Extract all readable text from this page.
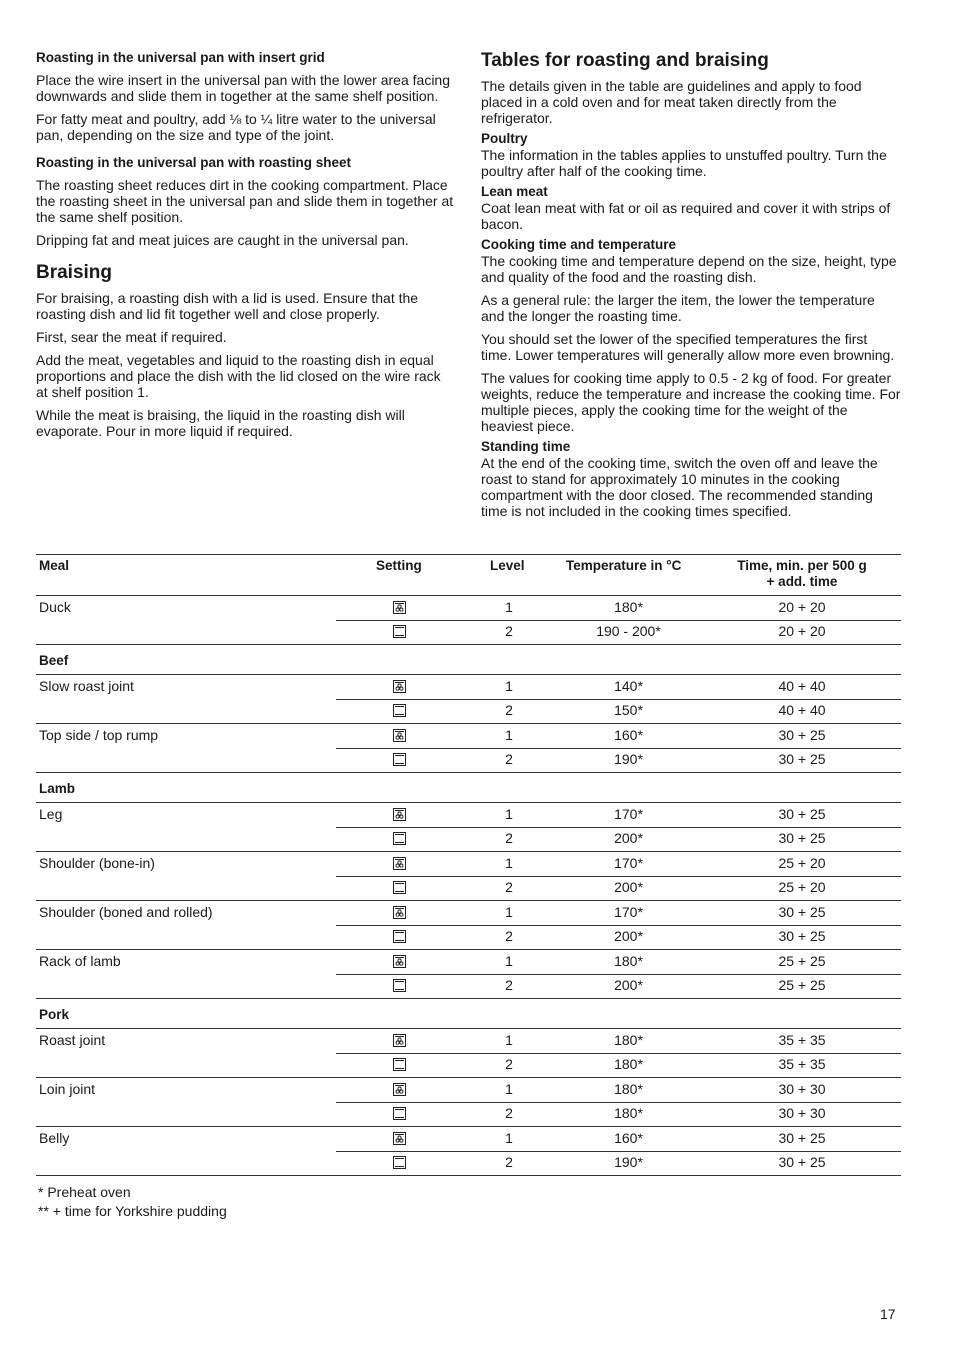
Roasting in the universal pan with insert grid

Place the wire insert in the universal pan with the lower area facing downwards and slide them in together at the same shelf position.

For fatty meat and poultry, add ⅛ to ¼ litre water to the universal pan, depending on the size and type of the joint.

Roasting in the universal pan with roasting sheet

The roasting sheet reduces dirt in the cooking compartment. Place the roasting sheet in the universal pan and slide them in together at the same shelf position.

Dripping fat and meat juices are caught in the universal pan.

Braising

For braising, a roasting dish with a lid is used. Ensure that the roasting dish and lid fit together well and close properly.

First, sear the meat if required.

Add the meat, vegetables and liquid to the roasting dish in equal proportions and place the dish with the lid closed on the wire rack at shelf position 1.

While the meat is braising, the liquid in the roasting dish will evaporate. Pour in more liquid if required.

Tables for roasting and braising

The details given in the table are guidelines and apply to food placed in a cold oven and for meat taken directly from the refrigerator.

Poultry

The information in the tables applies to unstuffed poultry. Turn the poultry after half of the cooking time.

Lean meat

Coat lean meat with fat or oil as required and cover it with strips of bacon.

Cooking time and temperature

The cooking time and temperature depend on the size, height, type and quality of the food and the roasting dish.

As a general rule: the larger the item, the lower the temperature and the longer the roasting time.

You should set the lower of the specified temperatures the first time. Lower temperatures will generally allow more even browning.

The values for cooking time apply to 0.5 - 2 kg of food. For greater weights, reduce the temperature and increase the cooking time. For multiple pieces, apply the cooking time for the weight of the heaviest piece.

Standing time

At the end of the cooking time, switch the oven off and leave the roast to stand for approximately 10 minutes in the cooking compartment with the door closed. The recommended standing time is not included in the cooking times specified.

Meal	Setting	Level	Temperature in °C	Time, min. per 500 g
+ add. time
Duck	1	180*	20 + 20
2	190 - 200*	20 + 20
Beef
Slow roast joint	1	140*	40 + 40
2	150*	40 + 40
Top side / top rump	1	160*	30 + 25
2	190*	30 + 25
Lamb
Leg	1	170*	30 + 25
2	200*	30 + 25
Shoulder (bone-in)	1	170*	25 + 20
2	200*	25 + 20
Shoulder (boned and rolled)	1	170*	30 + 25
2	200*	30 + 25
Rack of lamb	1	180*	25 + 25
2	200*	25 + 25
Pork
Roast joint	1	180*	35 + 35
2	180*	35 + 35
Loin joint	1	180*	30 + 30
2	180*	30 + 30
Belly	1	160*	30 + 25
2	190*	30 + 25
* Preheat oven
** + time for Yorkshire pudding
17
